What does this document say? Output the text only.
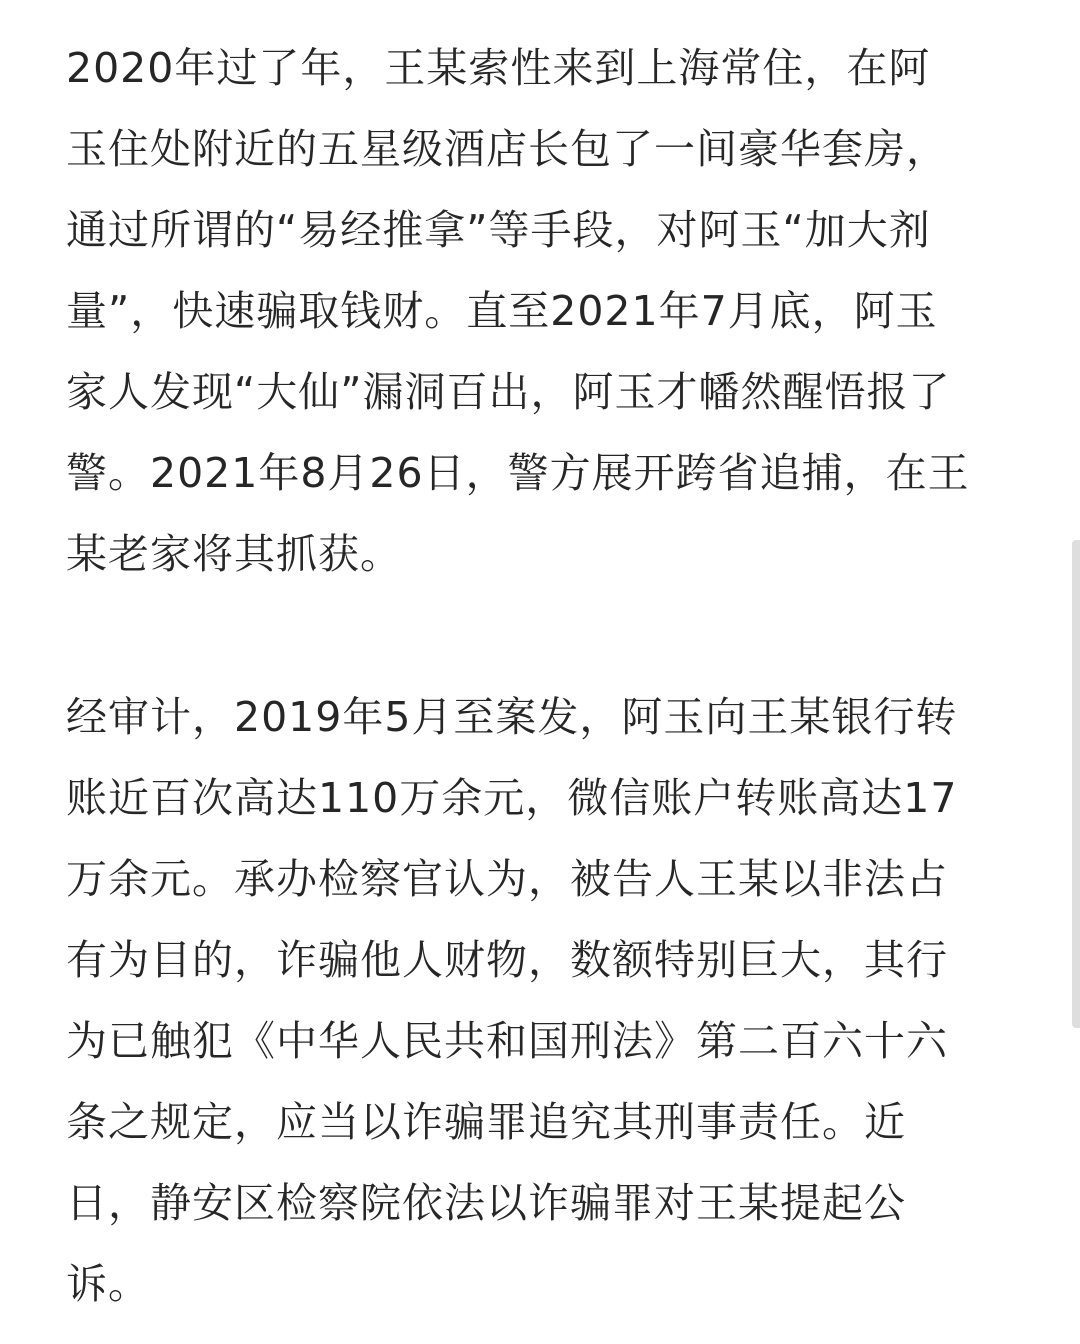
2020年过了年，王某索性来到上海常住，在阿
玉住处附近的五星级酒店长包了一间豪华套房，
通过所谓的“易经推拿”等手段，对阿玉“加大剂
量”，快速骗取钱财。直至2021年7月底，阿玉
家人发现“大仙”漏洞百出，阿玉才幡然醒悟报了
警。2021年8月26日，警方展开跨省追捕，在王
某老家将其抓获。
经审计，2019年5月至案发，阿玉向王某银行转
账近百次高达110万余元，微信账户转账高达17
万余元。承办检察官认为，被告人王某以非法占
有为目的，诈骗他人财物，数额特别巨大，其行
为已触犯《中华人民共和国刑法》第二百六十六
条之规定，应当以诈骗罪追究其刑事责任。近
日，静安区检察院依法以诈骗罪对王某提起公
诉。
